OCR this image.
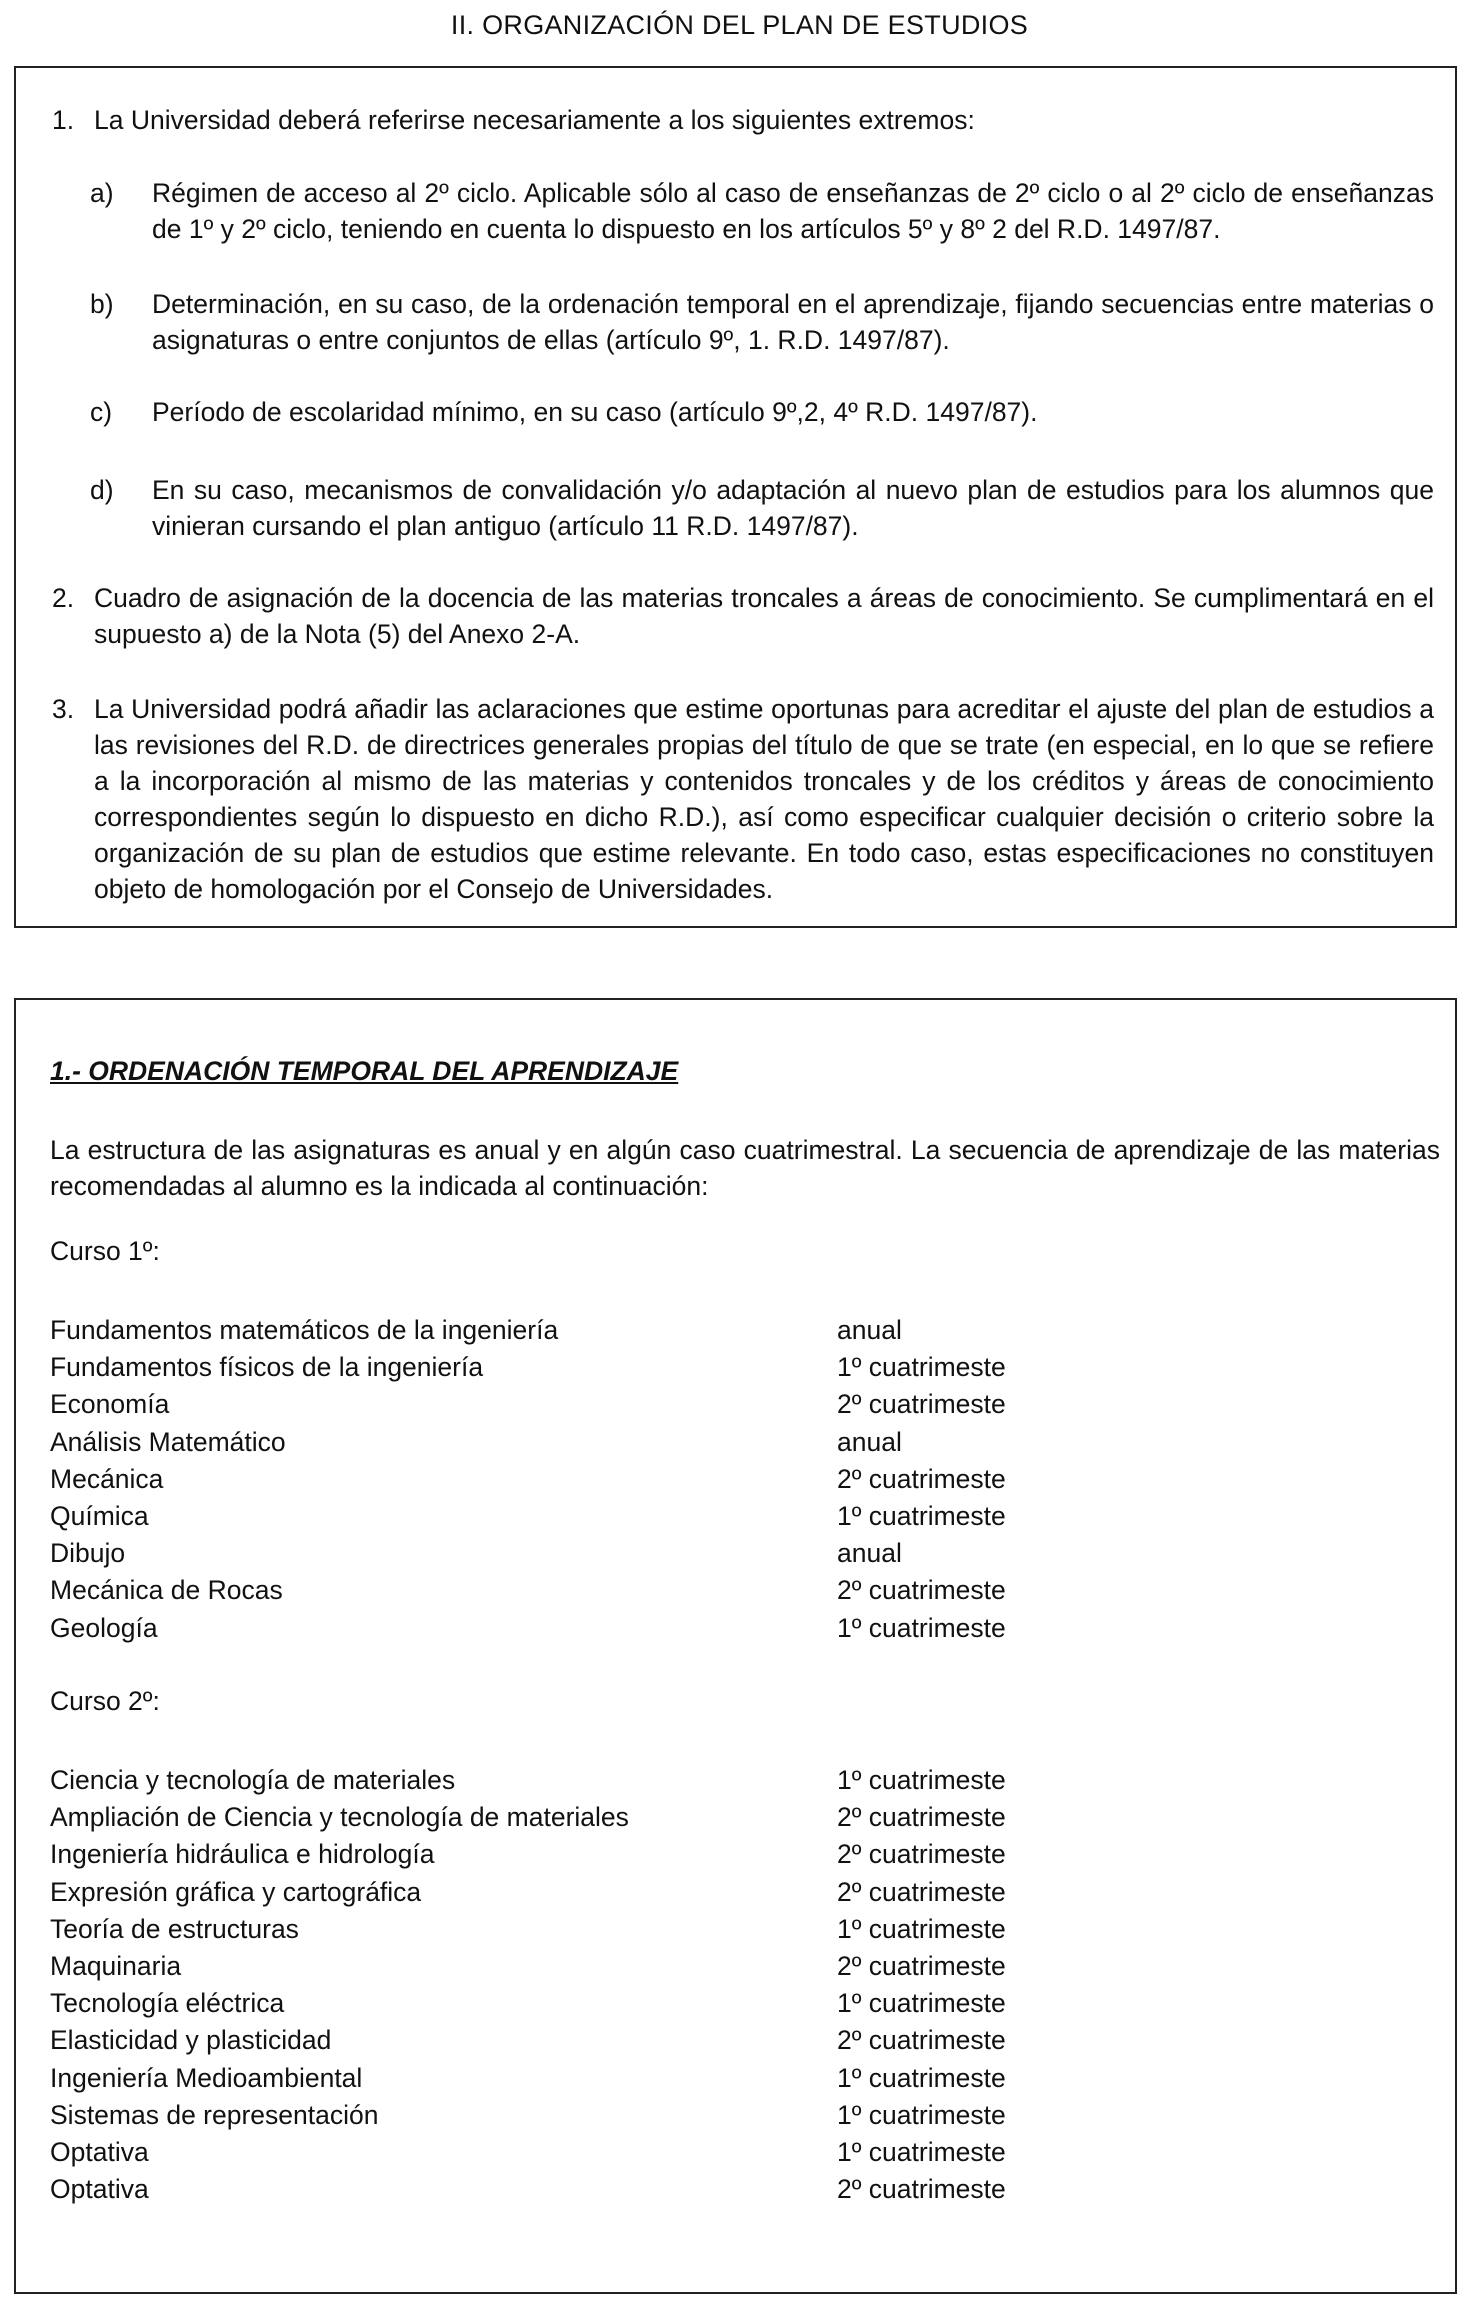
II. ORGANIZACIÓN DEL PLAN DE ESTUDIOS
1. La Universidad deberá referirse necesariamente a los siguientes extremos:
a) Régimen de acceso al 2º ciclo. Aplicable sólo al caso de enseñanzas de 2º ciclo o al 2º ciclo de enseñanzas de 1º y 2º ciclo, teniendo en cuenta lo dispuesto en los artículos 5º y 8º 2 del R.D. 1497/87.
b) Determinación, en su caso, de la ordenación temporal en el aprendizaje, fijando secuencias entre materias o asignaturas o entre conjuntos de ellas (artículo 9º, 1. R.D. 1497/87).
c) Período de escolaridad mínimo, en su caso (artículo 9º,2, 4º R.D. 1497/87).
d) En su caso, mecanismos de convalidación y/o adaptación al nuevo plan de estudios para los alumnos que vinieran cursando el plan antiguo (artículo 11 R.D. 1497/87).
2. Cuadro de asignación de la docencia de las materias troncales a áreas de conocimiento. Se cumplimentará en el supuesto a) de la Nota (5) del Anexo 2-A.
3. La Universidad podrá añadir las aclaraciones que estime oportunas para acreditar el ajuste del plan de estudios a las revisiones del R.D. de directrices generales propias del título de que se trate (en especial, en lo que se refiere a la incorporación al mismo de las materias y contenidos troncales y de los créditos y áreas de conocimiento correspondientes según lo dispuesto en dicho R.D.), así como especificar cualquier decisión o criterio sobre la organización de su plan de estudios que estime relevante. En todo caso, estas especificaciones no constituyen objeto de homologación por el Consejo de Universidades.
1.- ORDENACIÓN TEMPORAL DEL APRENDIZAJE
La estructura de las asignaturas es anual y en algún caso cuatrimestral. La secuencia de aprendizaje de las materias recomendadas al alumno es la indicada al continuación:
Curso 1º:
Fundamentos matemáticos de la ingeniería	anual
Fundamentos físicos de la ingeniería	1º cuatrimeste
Economía	2º cuatrimeste
Análisis Matemático	anual
Mecánica	2º cuatrimeste
Química	1º cuatrimeste
Dibujo	anual
Mecánica de Rocas	2º cuatrimeste
Geología	1º cuatrimeste
Curso 2º:
Ciencia y tecnología de materiales	1º cuatrimeste
Ampliación de Ciencia y tecnología de materiales	2º cuatrimeste
Ingeniería hidráulica e hidrología	2º cuatrimeste
Expresión gráfica y cartográfica	2º cuatrimeste
Teoría de estructuras	1º cuatrimeste
Maquinaria	2º cuatrimeste
Tecnología eléctrica	1º cuatrimeste
Elasticidad y plasticidad	2º cuatrimeste
Ingeniería Medioambiental	1º cuatrimeste
Sistemas de representación	1º cuatrimeste
Optativa	1º cuatrimeste
Optativa	2º cuatrimeste
